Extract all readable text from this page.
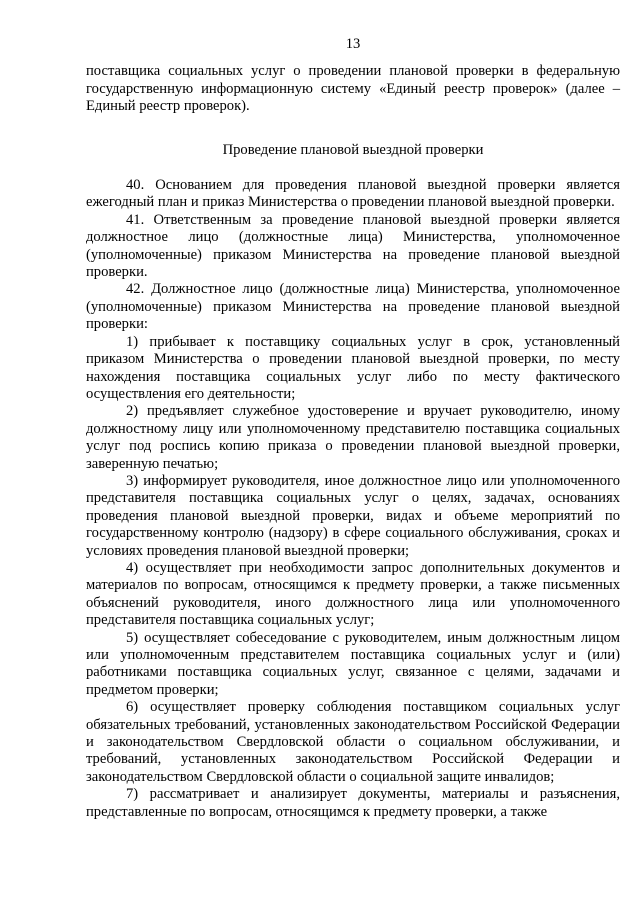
13

поставщика социальных услуг о проведении плановой проверки в федеральную государственную информационную систему «Единый реестр проверок» (далее – Единый реестр проверок).

Проведение плановой выездной проверки

40. Основанием для проведения плановой выездной проверки является ежегодный план и приказ Министерства о проведении плановой выездной проверки.

41. Ответственным за проведение плановой выездной проверки является должностное лицо (должностные лица) Министерства, уполномоченное (уполномоченные) приказом Министерства на проведение плановой выездной проверки.

42. Должностное лицо (должностные лица) Министерства, уполномоченное (уполномоченные) приказом Министерства на проведение плановой выездной проверки:

1) прибывает к поставщику социальных услуг в срок, установленный приказом Министерства о проведении плановой выездной проверки, по месту нахождения поставщика социальных услуг либо по месту фактического осуществления его деятельности;

2) предъявляет служебное удостоверение и вручает руководителю, иному должностному лицу или уполномоченному представителю поставщика социальных услуг под роспись копию приказа о проведении плановой выездной проверки, заверенную печатью;

3) информирует руководителя, иное должностное лицо или уполномоченного представителя поставщика социальных услуг о целях, задачах, основаниях проведения плановой выездной проверки, видах и объеме мероприятий по государственному контролю (надзору) в сфере социального обслуживания, сроках и условиях проведения плановой выездной проверки;

4) осуществляет при необходимости запрос дополнительных документов и материалов по вопросам, относящимся к предмету проверки, а также письменных объяснений руководителя, иного должностного лица или уполномоченного представителя поставщика социальных услуг;

5) осуществляет собеседование с руководителем, иным должностным лицом или уполномоченным представителем поставщика социальных услуг и (или) работниками поставщика социальных услуг, связанное с целями, задачами и предметом проверки;

6) осуществляет проверку соблюдения поставщиком социальных услуг обязательных требований, установленных законодательством Российской Федерации и законодательством Свердловской области о социальном обслуживании, и требований, установленных законодательством Российской Федерации и законодательством Свердловской области о социальной защите инвалидов;

7) рассматривает и анализирует документы, материалы и разъяснения, представленные по вопросам, относящимся к предмету проверки, а также
